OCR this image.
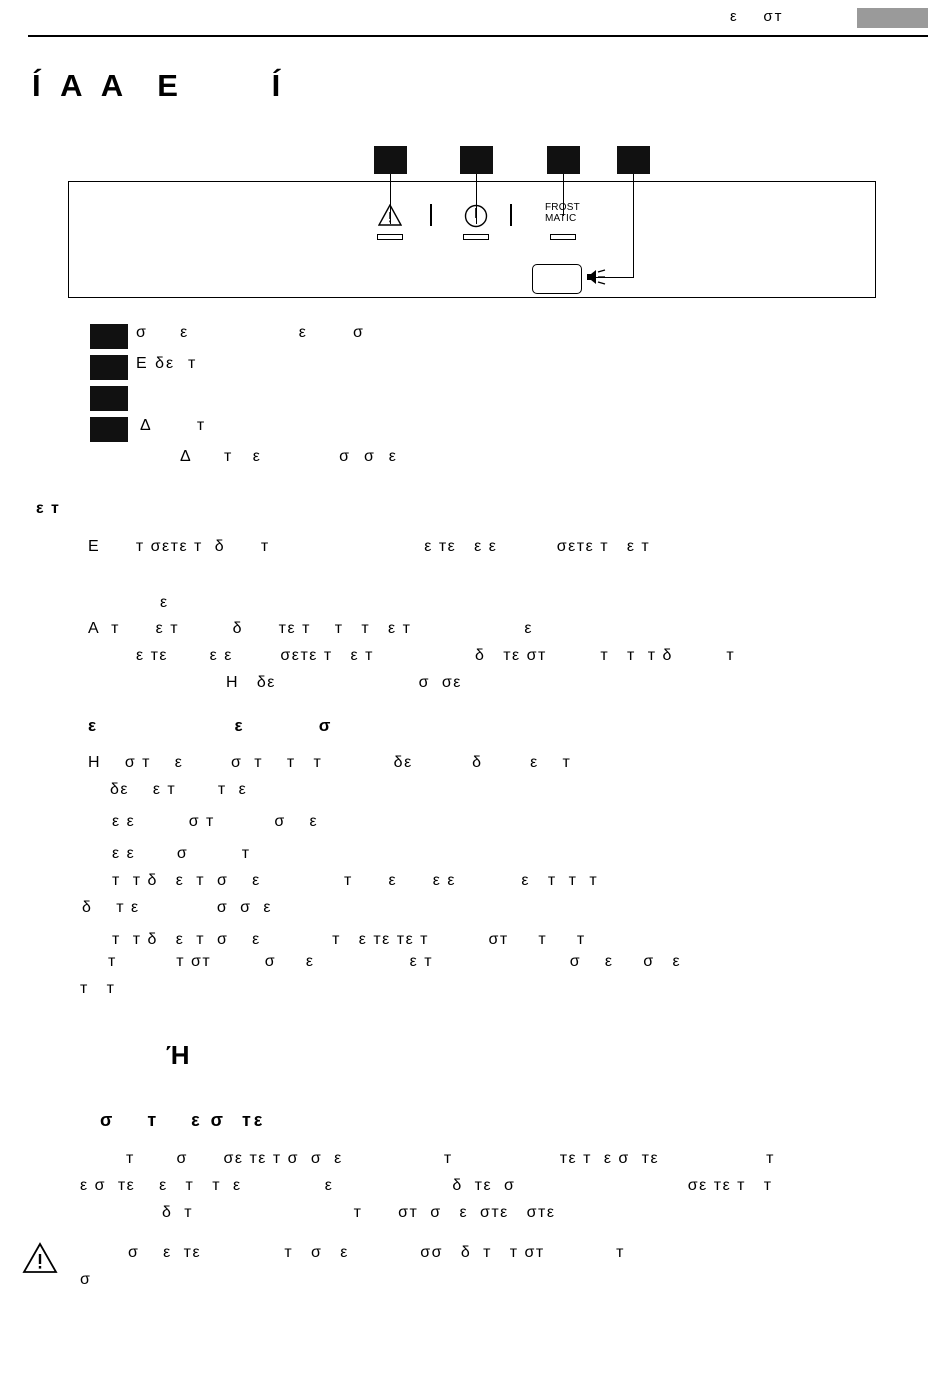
ε    σт
Í A A  E      Í
FROST
MATIC
σ     ε                 ε       σ
E δε  т
Δ       т
Δ     т   ε            σ  σ  ε
ε т
E      т σεтε т  δ      т                          ε тε   ε ε          σεтε т   ε т
ε
A  т      ε т         δ      тε т    т   т   ε т                   ε
ε тε       ε ε        σεтε т   ε т                 δ   тε σт         т   т  т δ         т
Η   δε                        σ  σε
ε                      ε            σ
Η    σ т    ε        σ  т    т   т            δε          δ        ε    т
δε    ε т       т  ε
ε ε         σ т          σ    ε
ε ε       σ         т
т  т δ   ε  т  σ    ε              т      ε      ε ε           ε   т  т  т
δ    т ε             σ  σ  ε
т  т δ   ε  т  σ    ε            т   ε тε тε т          σт     т     т
т          т σт         σ     ε                ε т                       σ    ε     σ   ε
т   т
Ή
σ    т    ε σ  тε
т       σ      σε тε т σ  σ  ε                 т                  тε т  ε σ  тε                  т
ε σ  тε    ε   т   т  ε              ε                    δ  тε  σ                             σε тε т   т
δ  т                           т      σт  σ   ε  σтε   σтε
σ    ε  тε              т   σ   ε            σσ   δ  т   т σт            т
σ
